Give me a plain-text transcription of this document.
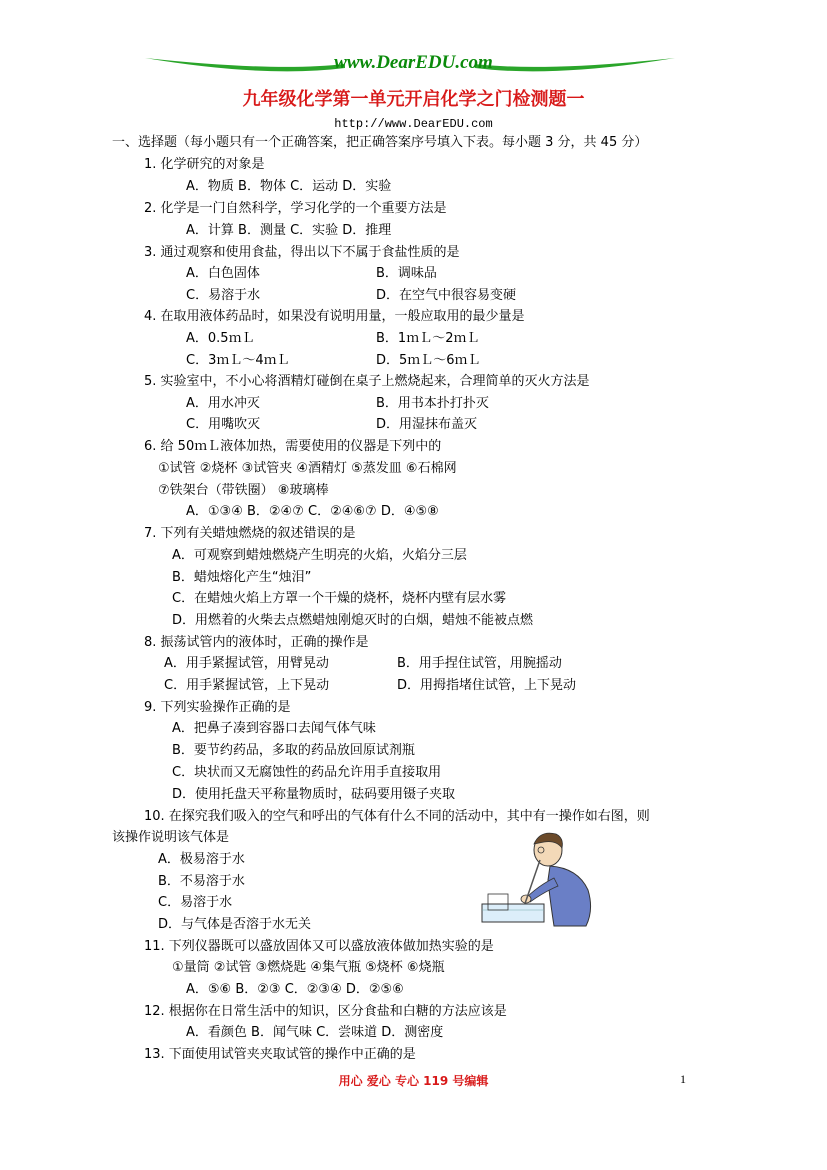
www.DearEDU.com
九年级化学第一单元开启化学之门检测题一
http://www.DearEDU.com
一、选择题（每小题只有一个正确答案，把正确答案序号填入下表。每小题 3 分，共 45 分）
1. 化学研究的对象是
A．物质 B．物体 C．运动 D．实验
2. 化学是一门自然科学，学习化学的一个重要方法是
A．计算 B．测量 C．实验 D．推理
3. 通过观察和使用食盐，得出以下不属于食盐性质的是
A．白色固体	B．调味品
C．易溶于水	D．在空气中很容易变硬
4. 在取用液体药品时，如果没有说明用量，一般应取用的最少量是
A．0.5ｍＬ	B．1ｍＬ～2ｍＬ
C．3ｍＬ～4ｍＬ	D．5ｍＬ～6ｍＬ
5. 实验室中，不小心将酒精灯碰倒在桌子上燃烧起来，合理简单的灭火方法是
A．用水冲灭	B．用书本扑打扑灭
C．用嘴吹灭	D．用湿抹布盖灭
6. 给 50ｍＬ液体加热，需要使用的仪器是下列中的
①试管 ②烧杯 ③试管夹 ④酒精灯 ⑤蒸发皿 ⑥石棉网
⑦铁架台（带铁圈） ⑧玻璃棒
A．①③④ B．②④⑦ C．②④⑥⑦ D．④⑤⑧
7. 下列有关蜡烛燃烧的叙述错误的是
A．可观察到蜡烛燃烧产生明亮的火焰，火焰分三层
B．蜡烛熔化产生“烛泪”
C．在蜡烛火焰上方罩一个干燥的烧杯，烧杯内壁有层水雾
D．用燃着的火柴去点燃蜡烛刚熄灭时的白烟，蜡烛不能被点燃
8. 振荡试管内的液体时，正确的操作是
A．用手紧握试管，用臂晃动	B．用手捏住试管，用腕摇动
C．用手紧握试管，上下晃动	D．用拇指堵住试管，上下晃动
9. 下列实验操作正确的是
A．把鼻子凑到容器口去闻气体气味
B．要节约药品，多取的药品放回原试剂瓶
C．块状而又无腐蚀性的药品允许用手直接取用
D．使用托盘天平称量物质时，砝码要用镊子夹取
10. 在探究我们吸入的空气和呼出的气体有什么不同的活动中，其中有一操作如右图，则
该操作说明该气体是
A．极易溶于水
B．不易溶于水
C．易溶于水
D．与气体是否溶于水无关
11. 下列仪器既可以盛放固体又可以盛放液体做加热实验的是
①量筒 ②试管 ③燃烧匙 ④集气瓶 ⑤烧杯 ⑥烧瓶
A．⑤⑥ B．②③ C．②③④ D．②⑤⑥
12. 根据你在日常生活中的知识，区分食盐和白糖的方法应该是
A．看颜色 B．闻气味 C．尝味道 D．测密度
13. 下面使用试管夹夹取试管的操作中正确的是
用心 爱心 专心 119 号编辑	1
